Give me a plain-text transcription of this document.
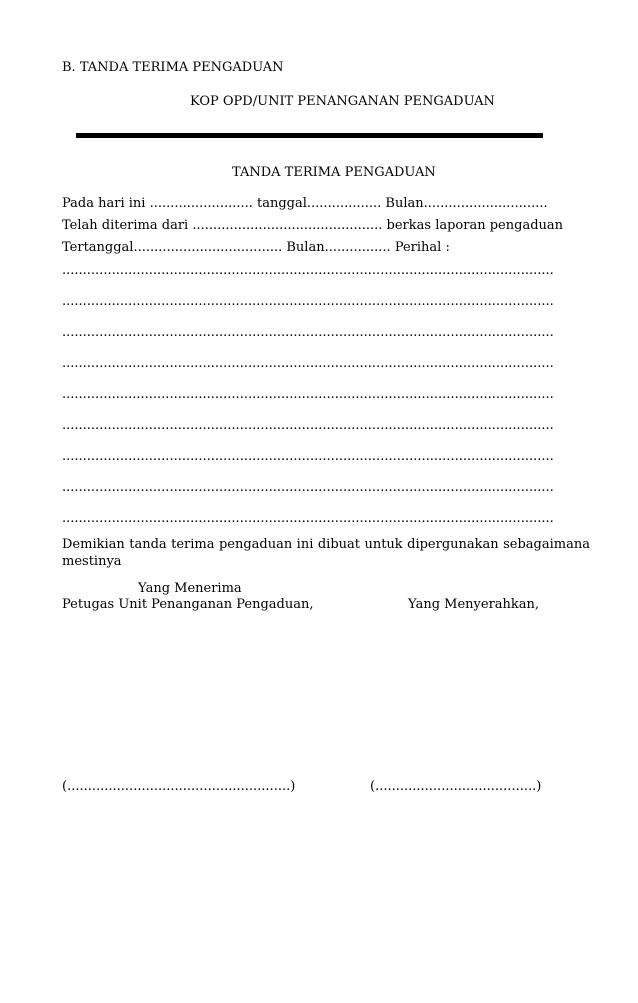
B. TANDA TERIMA PENGADUAN
KOP OPD/UNIT PENANGANAN PENGADUAN
TANDA TERIMA PENGADUAN
Pada hari ini ......................... tanggal.................. Bulan..............................
Telah diterima dari .............................................. berkas laporan pengaduan
Tertanggal.................................... Bulan................ Perihal :
.......................................................................................................................
.......................................................................................................................
.......................................................................................................................
.......................................................................................................................
.......................................................................................................................
.......................................................................................................................
.......................................................................................................................
.......................................................................................................................
.......................................................................................................................
Demikian tanda terima pengaduan ini dibuat untuk dipergunakan sebagaimana mestinya
Yang Menerima
Petugas Unit Penanganan Pengaduan,	Yang Menyerahkan,
(......................................................)	(.......................................)
